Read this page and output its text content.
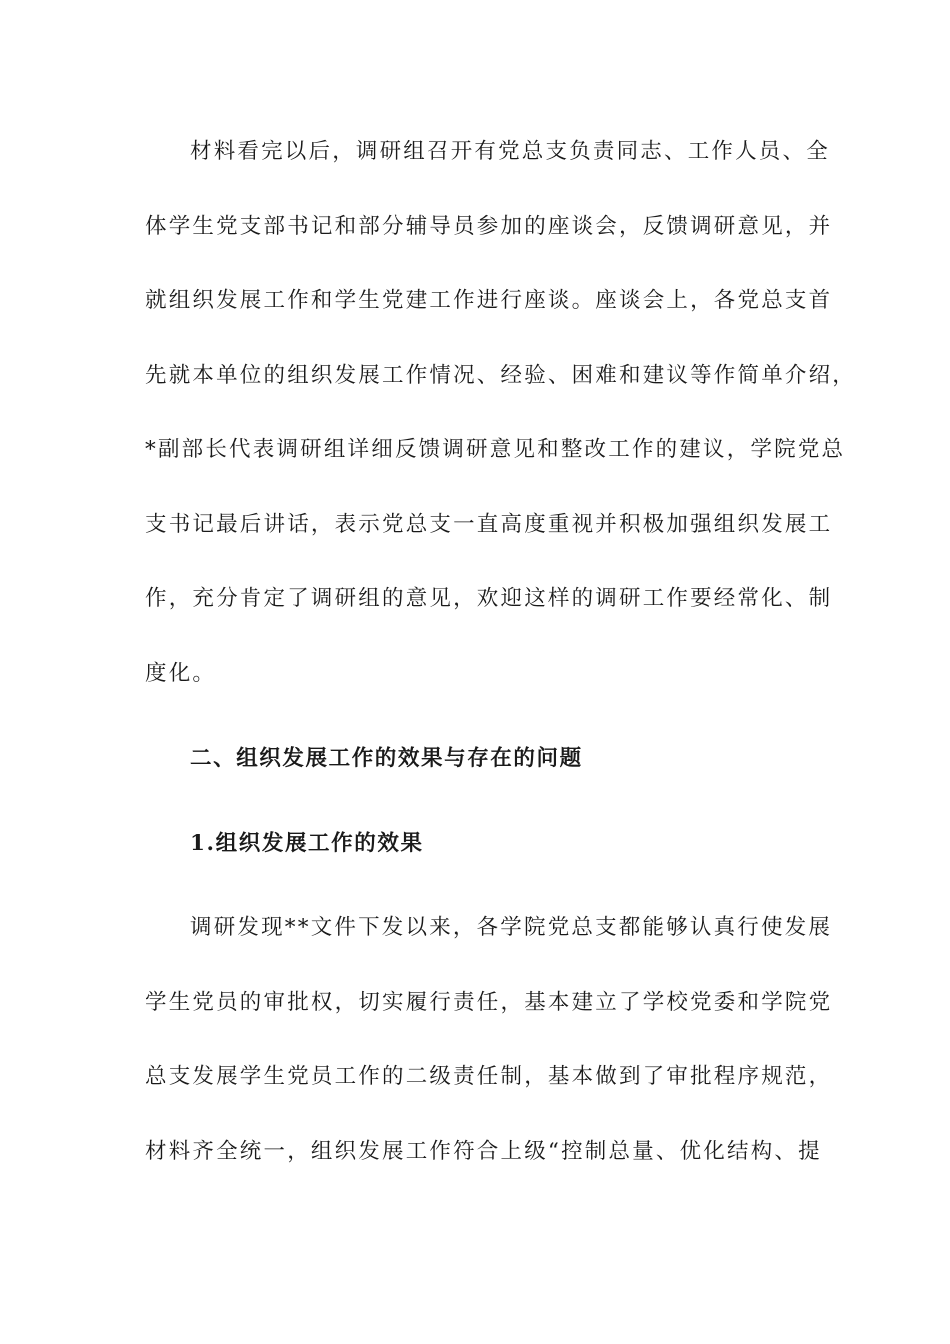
材料看完以后，调研组召开有党总支负责同志、工作人员、全
体学生党支部书记和部分辅导员参加的座谈会，反馈调研意见，并
就组织发展工作和学生党建工作进行座谈。座谈会上，各党总支首
先就本单位的组织发展工作情况、经验、困难和建议等作简单介绍，
*副部长代表调研组详细反馈调研意见和整改工作的建议，学院党总
支书记最后讲话，表示党总支一直高度重视并积极加强组织发展工
作，充分肯定了调研组的意见，欢迎这样的调研工作要经常化、制
度化。
二、组织发展工作的效果与存在的问题
1.组织发展工作的效果
调研发现**文件下发以来，各学院党总支都能够认真行使发展
学生党员的审批权，切实履行责任，基本建立了学校党委和学院党
总支发展学生党员工作的二级责任制，基本做到了审批程序规范，
材料齐全统一，组织发展工作符合上级“控制总量、优化结构、提
